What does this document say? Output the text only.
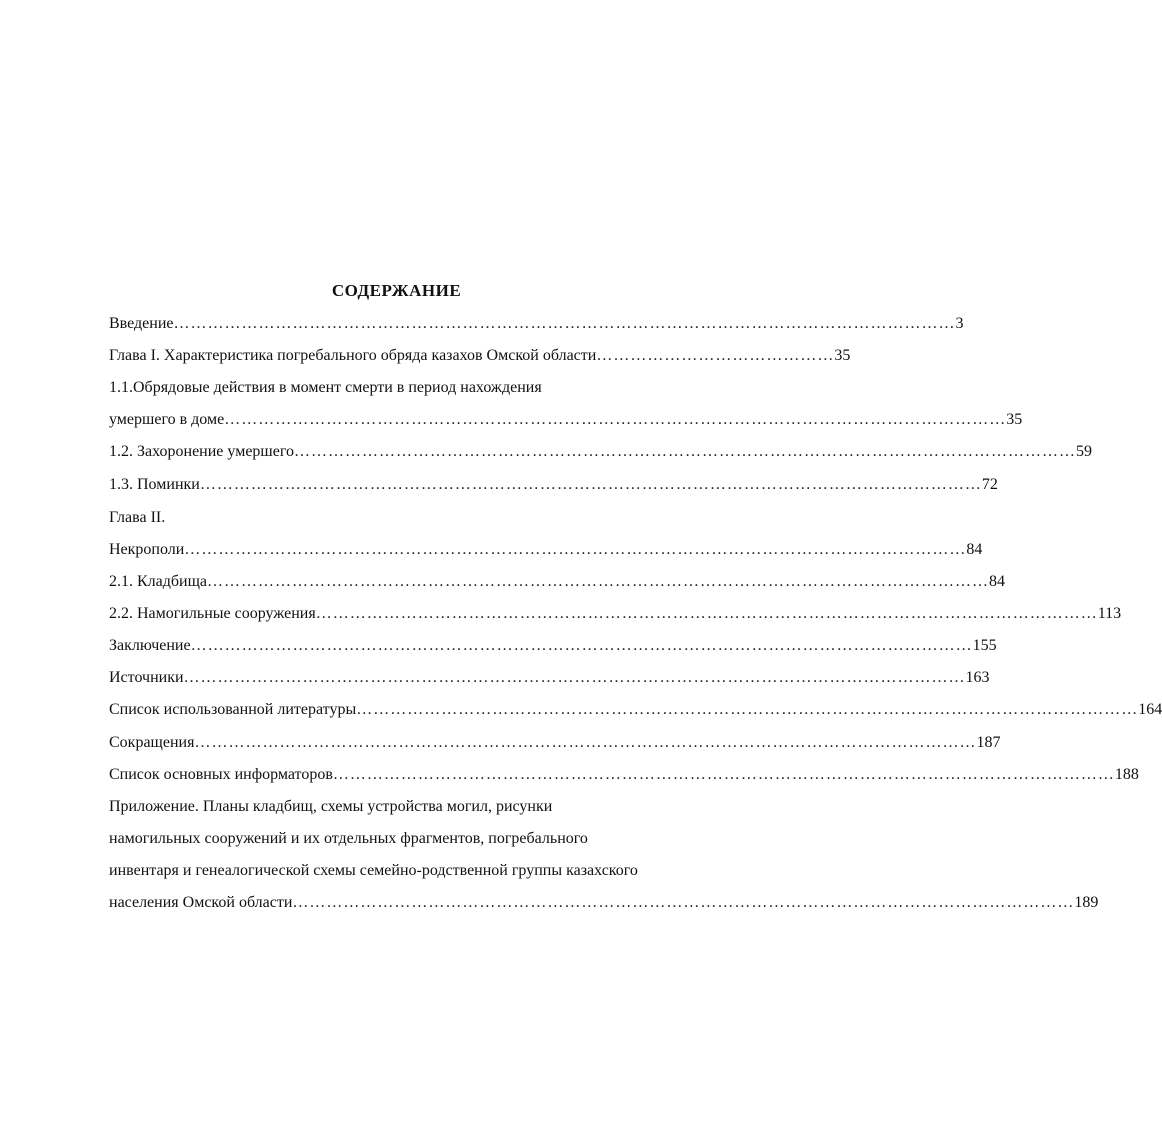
СОДЕРЖАНИЕ
Введение ………………………………………………………………………………………………………………………… 3
Глава I. Характеристика погребального обряда казахов Омской области …………………………………… 35
1.1.Обрядовые действия в момент смерти в период нахождения
умершего в доме ………………………………………………………………………………………………………………………… 35
1.2. Захоронение умершего ………………………………………………………………………………………………………………………… 59
1.3. Поминки ………………………………………………………………………………………………………………………… 72
Глава II.
Некрополи ………………………………………………………………………………………………………………………… 84
2.1. Кладбища ………………………………………………………………………………………………………………………… 84
2.2. Намогильные сооружения ………………………………………………………………………………………………………………………… 113
Заключение ………………………………………………………………………………………………………………………… 155
Источники ………………………………………………………………………………………………………………………… 163
Список использованной литературы ………………………………………………………………………………………………………………………… 164
Сокращения ………………………………………………………………………………………………………………………… 187
Список основных информаторов ………………………………………………………………………………………………………………………… 188
Приложение. Планы кладбищ, схемы устройства могил, рисунки
намогильных сооружений и их отдельных фрагментов, погребального
инвентаря и генеалогической схемы семейно-родственной группы казахского
населения Омской области ………………………………………………………………………………………………………………………… 189
